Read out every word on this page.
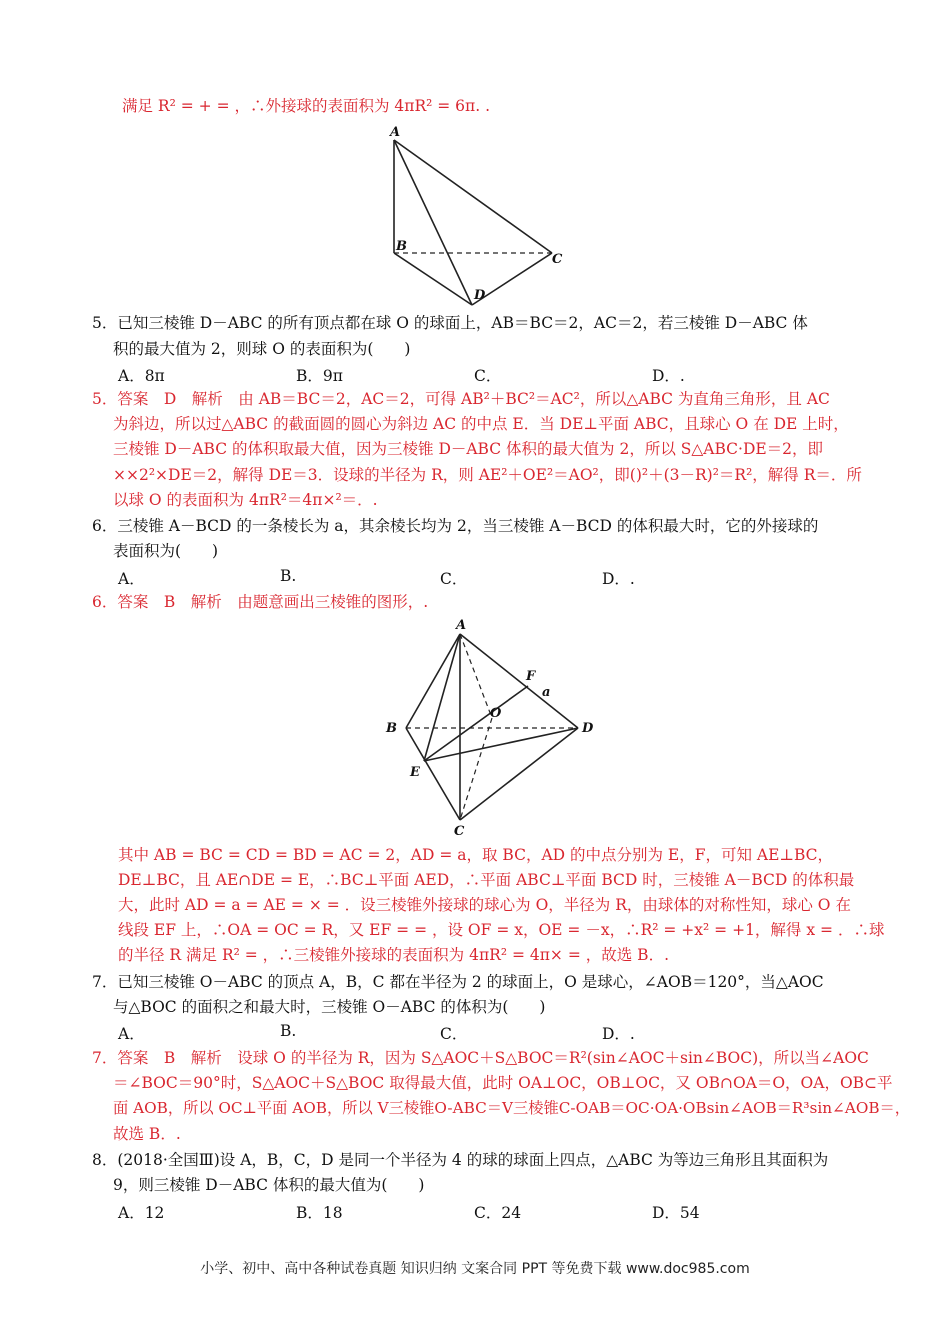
满足 R² = + = ，∴外接球的表面积为 4πR² = 6π. .
A
B
C
D
5．已知三棱锥 D－ABC 的所有顶点都在球 O 的球面上，AB＝BC＝2，AC＝2，若三棱锥 D－ABC 体
积的最大值为 2，则球 O 的表面积为(　　)
A．8π	B．9π	C．	D．.
5．答案　D　解析　由 AB＝BC＝2，AC＝2，可得 AB²＋BC²＝AC²，所以△ABC 为直角三角形，且 AC
为斜边，所以过△ABC 的截面圆的圆心为斜边 AC 的中点 E．当 DE⊥平面 ABC，且球心 O 在 DE 上时，
三棱锥 D－ABC 的体积取最大值，因为三棱锥 D－ABC 体积的最大值为 2，所以 S△ABC·DE＝2，即
××2²×DE＝2，解得 DE＝3．设球的半径为 R，则 AE²＋OE²＝AO²，即()²＋(3－R)²＝R²，解得 R＝．所
以球 O 的表面积为 4πR²＝4π×²＝．.
6．三棱锥 A－BCD 的一条棱长为 a，其余棱长均为 2，当三棱锥 A－BCD 的体积最大时，它的外接球的
表面积为(　　)
A．	B.	C．	D．.
6．答案　B　解析　由题意画出三棱锥的图形，.
A
B
C
D
E
F
O
a
其中 AB = BC = CD = BD = AC = 2，AD = a，取 BC，AD 的中点分别为 E，F，可知 AE⊥BC，
DE⊥BC，且 AE∩DE = E，∴BC⊥平面 AED，∴平面 ABC⊥平面 BCD 时，三棱锥 A－BCD 的体积最
大，此时 AD = a = AE = × = ．设三棱锥外接球的球心为 O，半径为 R，由球体的对称性知，球心 O 在
线段 EF 上，∴OA = OC = R，又 EF = = ，设 OF = x，OE = －x，∴R² = +x² = +1，解得 x = ．∴球
的半径 R 满足 R² = ，∴三棱锥外接球的表面积为 4πR² = 4π× = ，故选 B．.
7．已知三棱锥 O－ABC 的顶点 A，B，C 都在半径为 2 的球面上，O 是球心，∠AOB＝120°，当△AOC
与△BOC 的面积之和最大时，三棱锥 O－ABC 的体积为(　　)
A．	B.	C．	D．.
7．答案　B　解析　设球 O 的半径为 R，因为 S△AOC＋S△BOC＝R²(sin∠AOC＋sin∠BOC)，所以当∠AOC
＝∠BOC＝90°时，S△AOC＋S△BOC 取得最大值，此时 OA⊥OC，OB⊥OC，又 OB∩OA＝O，OA，OB⊂平
面 AOB，所以 OC⊥平面 AOB，所以 V三棱锥O-ABC＝V三棱锥C-OAB＝OC·OA·OBsin∠AOB＝R³sin∠AOB＝，
故选 B．.
8．(2018·全国Ⅲ)设 A，B，C，D 是同一个半径为 4 的球的球面上四点，△ABC 为等边三角形且其面积为
9，则三棱锥 D－ABC 体积的最大值为(　　)
A．12	B．18	C．24	D．54
小学、初中、高中各种试卷真题 知识归纳 文案合同 PPT 等免费下载 www.doc985.com
